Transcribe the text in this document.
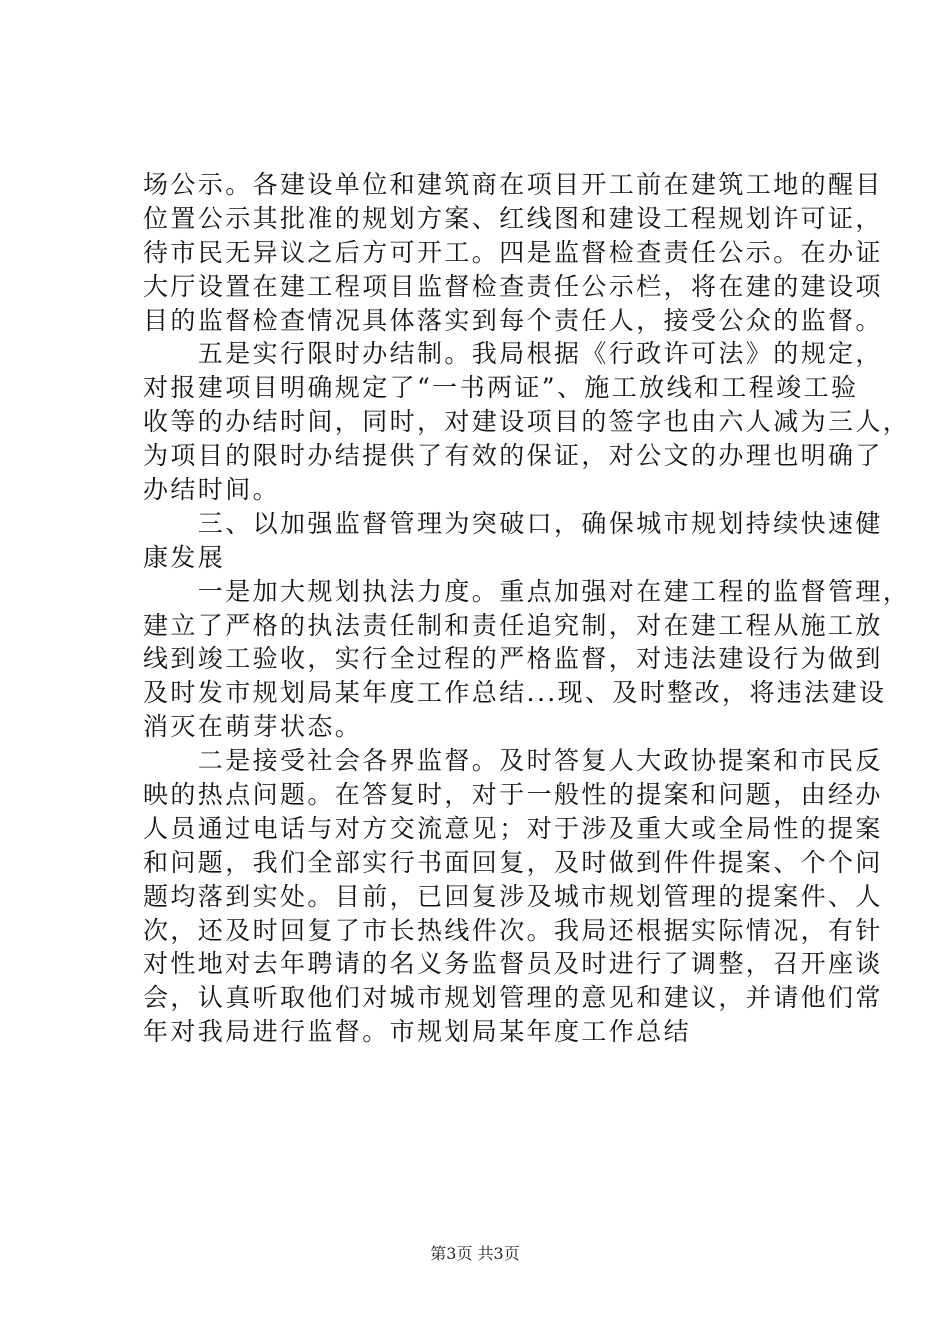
场公示。各建设单位和建筑商在项目开工前在建筑工地的醒目
位置公示其批准的规划方案、红线图和建设工程规划许可证，
待市民无异议之后方可开工。四是监督检查责任公示。在办证
大厅设置在建工程项目监督检查责任公示栏，将在建的建设项
目的监督检查情况具体落实到每个责任人，接受公众的监督。
　　五是实行限时办结制。我局根据《行政许可法》的规定，
对报建项目明确规定了“一书两证”、施工放线和工程竣工验
收等的办结时间，同时，对建设项目的签字也由六人减为三人，
为项目的限时办结提供了有效的保证，对公文的办理也明确了
办结时间。
　　三、以加强监督管理为突破口，确保城市规划持续快速健
康发展
　　一是加大规划执法力度。重点加强对在建工程的监督管理，
建立了严格的执法责任制和责任追究制，对在建工程从施工放
线到竣工验收，实行全过程的严格监督，对违法建设行为做到
及时发市规划局某年度工作总结...现、及时整改，将违法建设
消灭在萌芽状态。
　　二是接受社会各界监督。及时答复人大政协提案和市民反
映的热点问题。在答复时，对于一般性的提案和问题，由经办
人员通过电话与对方交流意见；对于涉及重大或全局性的提案
和问题，我们全部实行书面回复，及时做到件件提案、个个问
题均落到实处。目前，已回复涉及城市规划管理的提案件、人
次，还及时回复了市长热线件次。我局还根据实际情况，有针
对性地对去年聘请的名义务监督员及时进行了调整，召开座谈
会，认真听取他们对城市规划管理的意见和建议，并请他们常
年对我局进行监督。市规划局某年度工作总结
第3页 共3页
